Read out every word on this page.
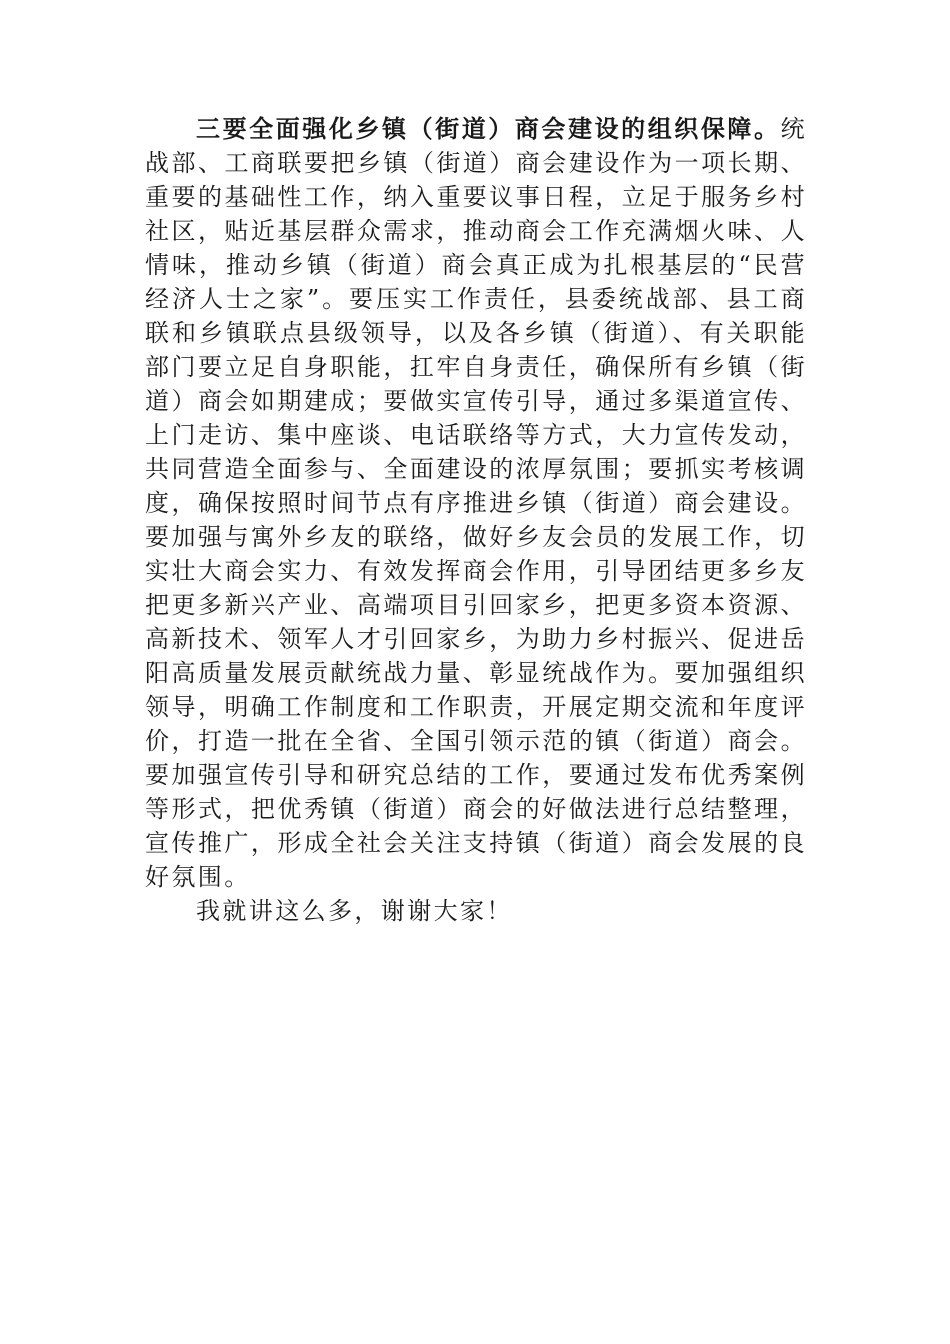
三要全面强化乡镇（街道）商会建设的组织保障。统战部、工商联要把乡镇（街道）商会建设作为一项长期、重要的基础性工作，纳入重要议事日程，立足于服务乡村社区，贴近基层群众需求，推动商会工作充满烟火味、人情味，推动乡镇（街道）商会真正成为扎根基层的“民营经济人士之家”。要压实工作责任，县委统战部、县工商联和乡镇联点县级领导，以及各乡镇（街道）、有关职能部门要立足自身职能，扛牢自身责任，确保所有乡镇（街道）商会如期建成；要做实宣传引导，通过多渠道宣传、上门走访、集中座谈、电话联络等方式，大力宣传发动，共同营造全面参与、全面建设的浓厚氛围；要抓实考核调度，确保按照时间节点有序推进乡镇（街道）商会建设。要加强与寓外乡友的联络，做好乡友会员的发展工作，切实壮大商会实力、有效发挥商会作用，引导团结更多乡友把更多新兴产业、高端项目引回家乡，把更多资本资源、高新技术、领军人才引回家乡，为助力乡村振兴、促进岳阳高质量发展贡献统战力量、彰显统战作为。要加强组织领导，明确工作制度和工作职责，开展定期交流和年度评价，打造一批在全省、全国引领示范的镇（街道）商会。要加强宣传引导和研究总结的工作，要通过发布优秀案例等形式，把优秀镇（街道）商会的好做法进行总结整理，宣传推广，形成全社会关注支持镇（街道）商会发展的良好氛围。

我就讲这么多，谢谢大家！
